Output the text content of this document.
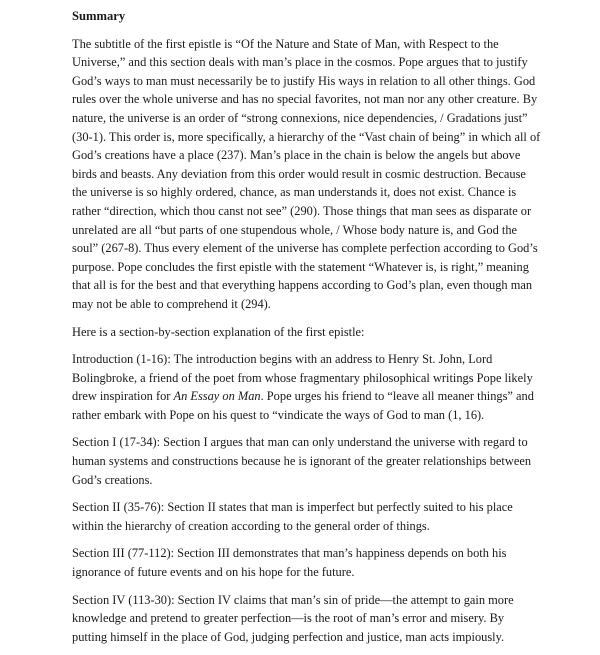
Summary

The subtitle of the first epistle is “Of the Nature and State of Man, with Respect to the Universe,” and this section deals with man’s place in the cosmos. Pope argues that to justify God’s ways to man must necessarily be to justify His ways in relation to all other things. God rules over the whole universe and has no special favorites, not man nor any other creature. By nature, the universe is an order of “strong connexions, nice dependencies, / Gradations just” (30-1). This order is, more specifically, a hierarchy of the “Vast chain of being” in which all of God’s creations have a place (237). Man’s place in the chain is below the angels but above birds and beasts. Any deviation from this order would result in cosmic destruction. Because the universe is so highly ordered, chance, as man understands it, does not exist. Chance is rather “direction, which thou canst not see” (290). Those things that man sees as disparate or unrelated are all “but parts of one stupendous whole, / Whose body nature is, and God the soul” (267-8). Thus every element of the universe has complete perfection according to God’s purpose. Pope concludes the first epistle with the statement “Whatever is, is right,” meaning that all is for the best and that everything happens according to God’s plan, even though man may not be able to comprehend it (294).

Here is a section-by-section explanation of the first epistle:

Introduction (1-16): The introduction begins with an address to Henry St. John, Lord Bolingbroke, a friend of the poet from whose fragmentary philosophical writings Pope likely drew inspiration for An Essay on Man. Pope urges his friend to “leave all meaner things” and rather embark with Pope on his quest to “vindicate the ways of God to man (1, 16).

Section I (17-34): Section I argues that man can only understand the universe with regard to human systems and constructions because he is ignorant of the greater relationships between God’s creations.

Section II (35-76): Section II states that man is imperfect but perfectly suited to his place within the hierarchy of creation according to the general order of things.

Section III (77-112): Section III demonstrates that man’s happiness depends on both his ignorance of future events and on his hope for the future.

Section IV (113-30): Section IV claims that man’s sin of pride—the attempt to gain more knowledge and pretend to greater perfection—is the root of man’s error and misery. By putting himself in the place of God, judging perfection and justice, man acts impiously.
